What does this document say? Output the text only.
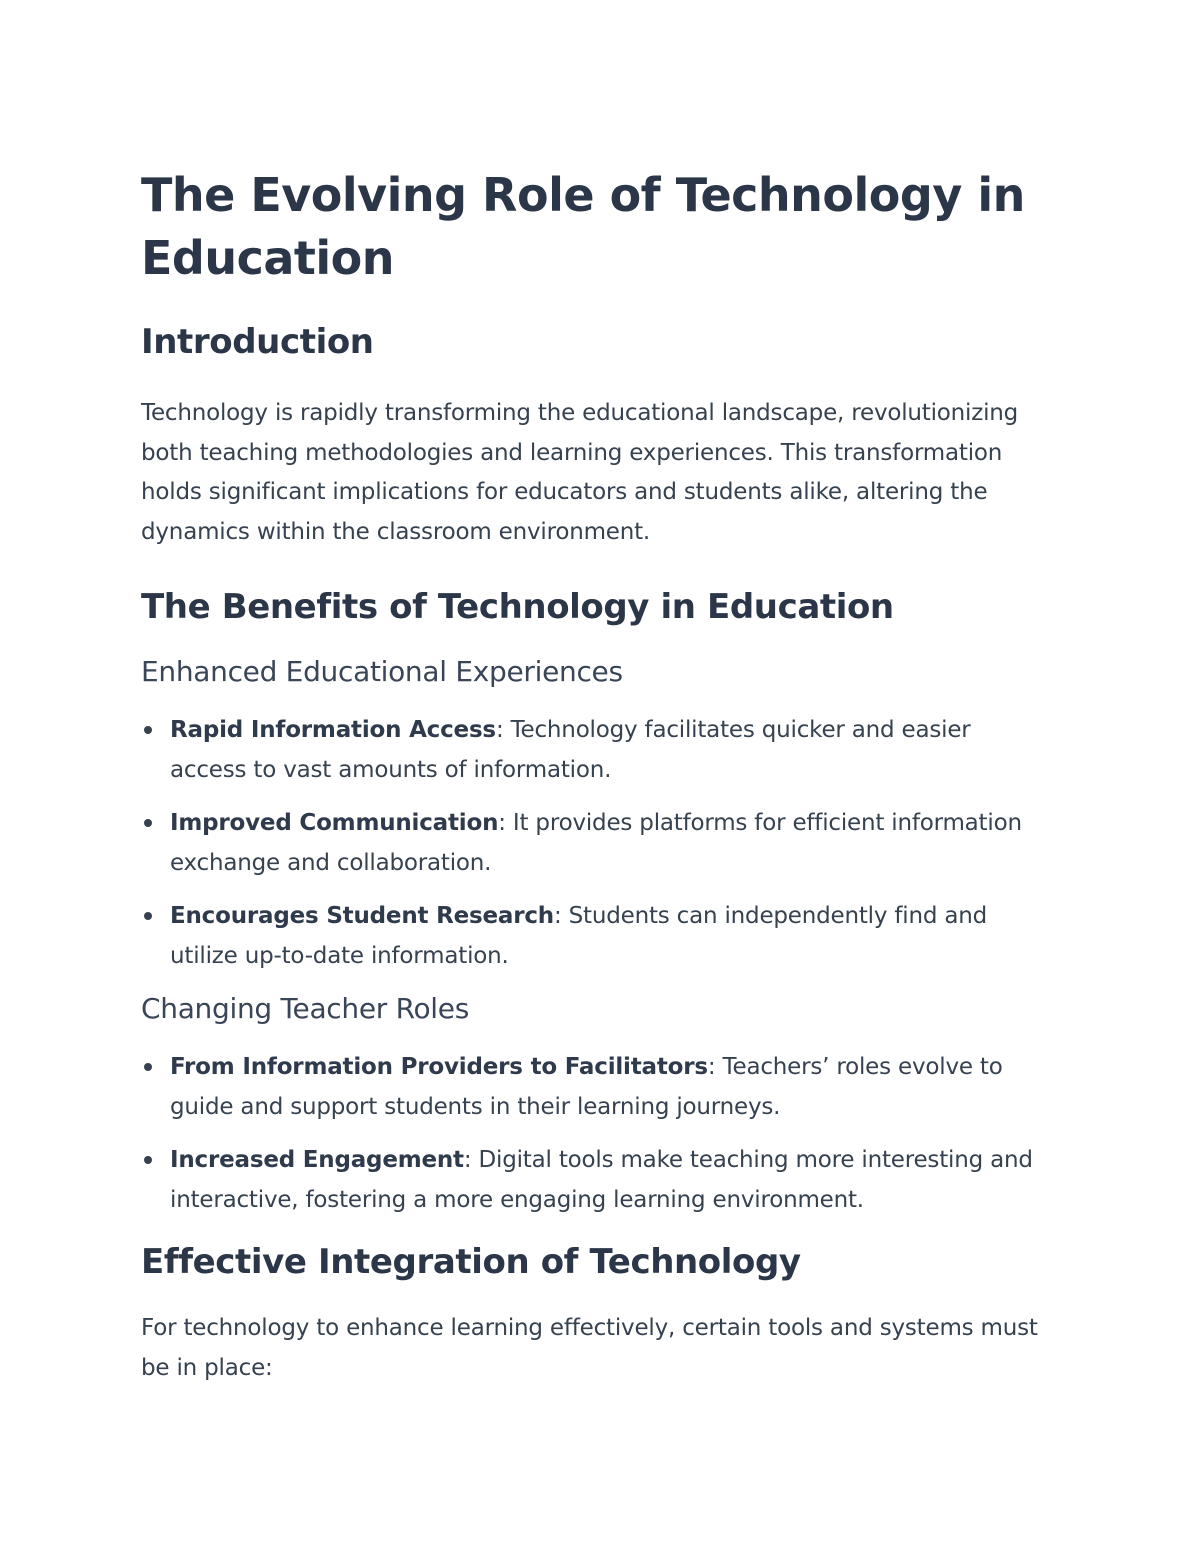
The Evolving Role of Technology in Education
Introduction

Technology is rapidly transforming the educational landscape, revolutionizing both teaching methodologies and learning experiences. This transformation holds significant implications for educators and students alike, altering the dynamics within the classroom environment.

The Benefits of Technology in Education
Enhanced Educational Experiences
Rapid Information Access: Technology facilitates quicker and easier access to vast amounts of information.
Improved Communication: It provides platforms for efficient information exchange and collaboration.
Encourages Student Research: Students can independently find and utilize up-to-date information.
Changing Teacher Roles
From Information Providers to Facilitators: Teachers’ roles evolve to guide and support students in their learning journeys.
Increased Engagement: Digital tools make teaching more interesting and interactive, fostering a more engaging learning environment.
Effective Integration of Technology

For technology to enhance learning effectively, certain tools and systems must be in place:
